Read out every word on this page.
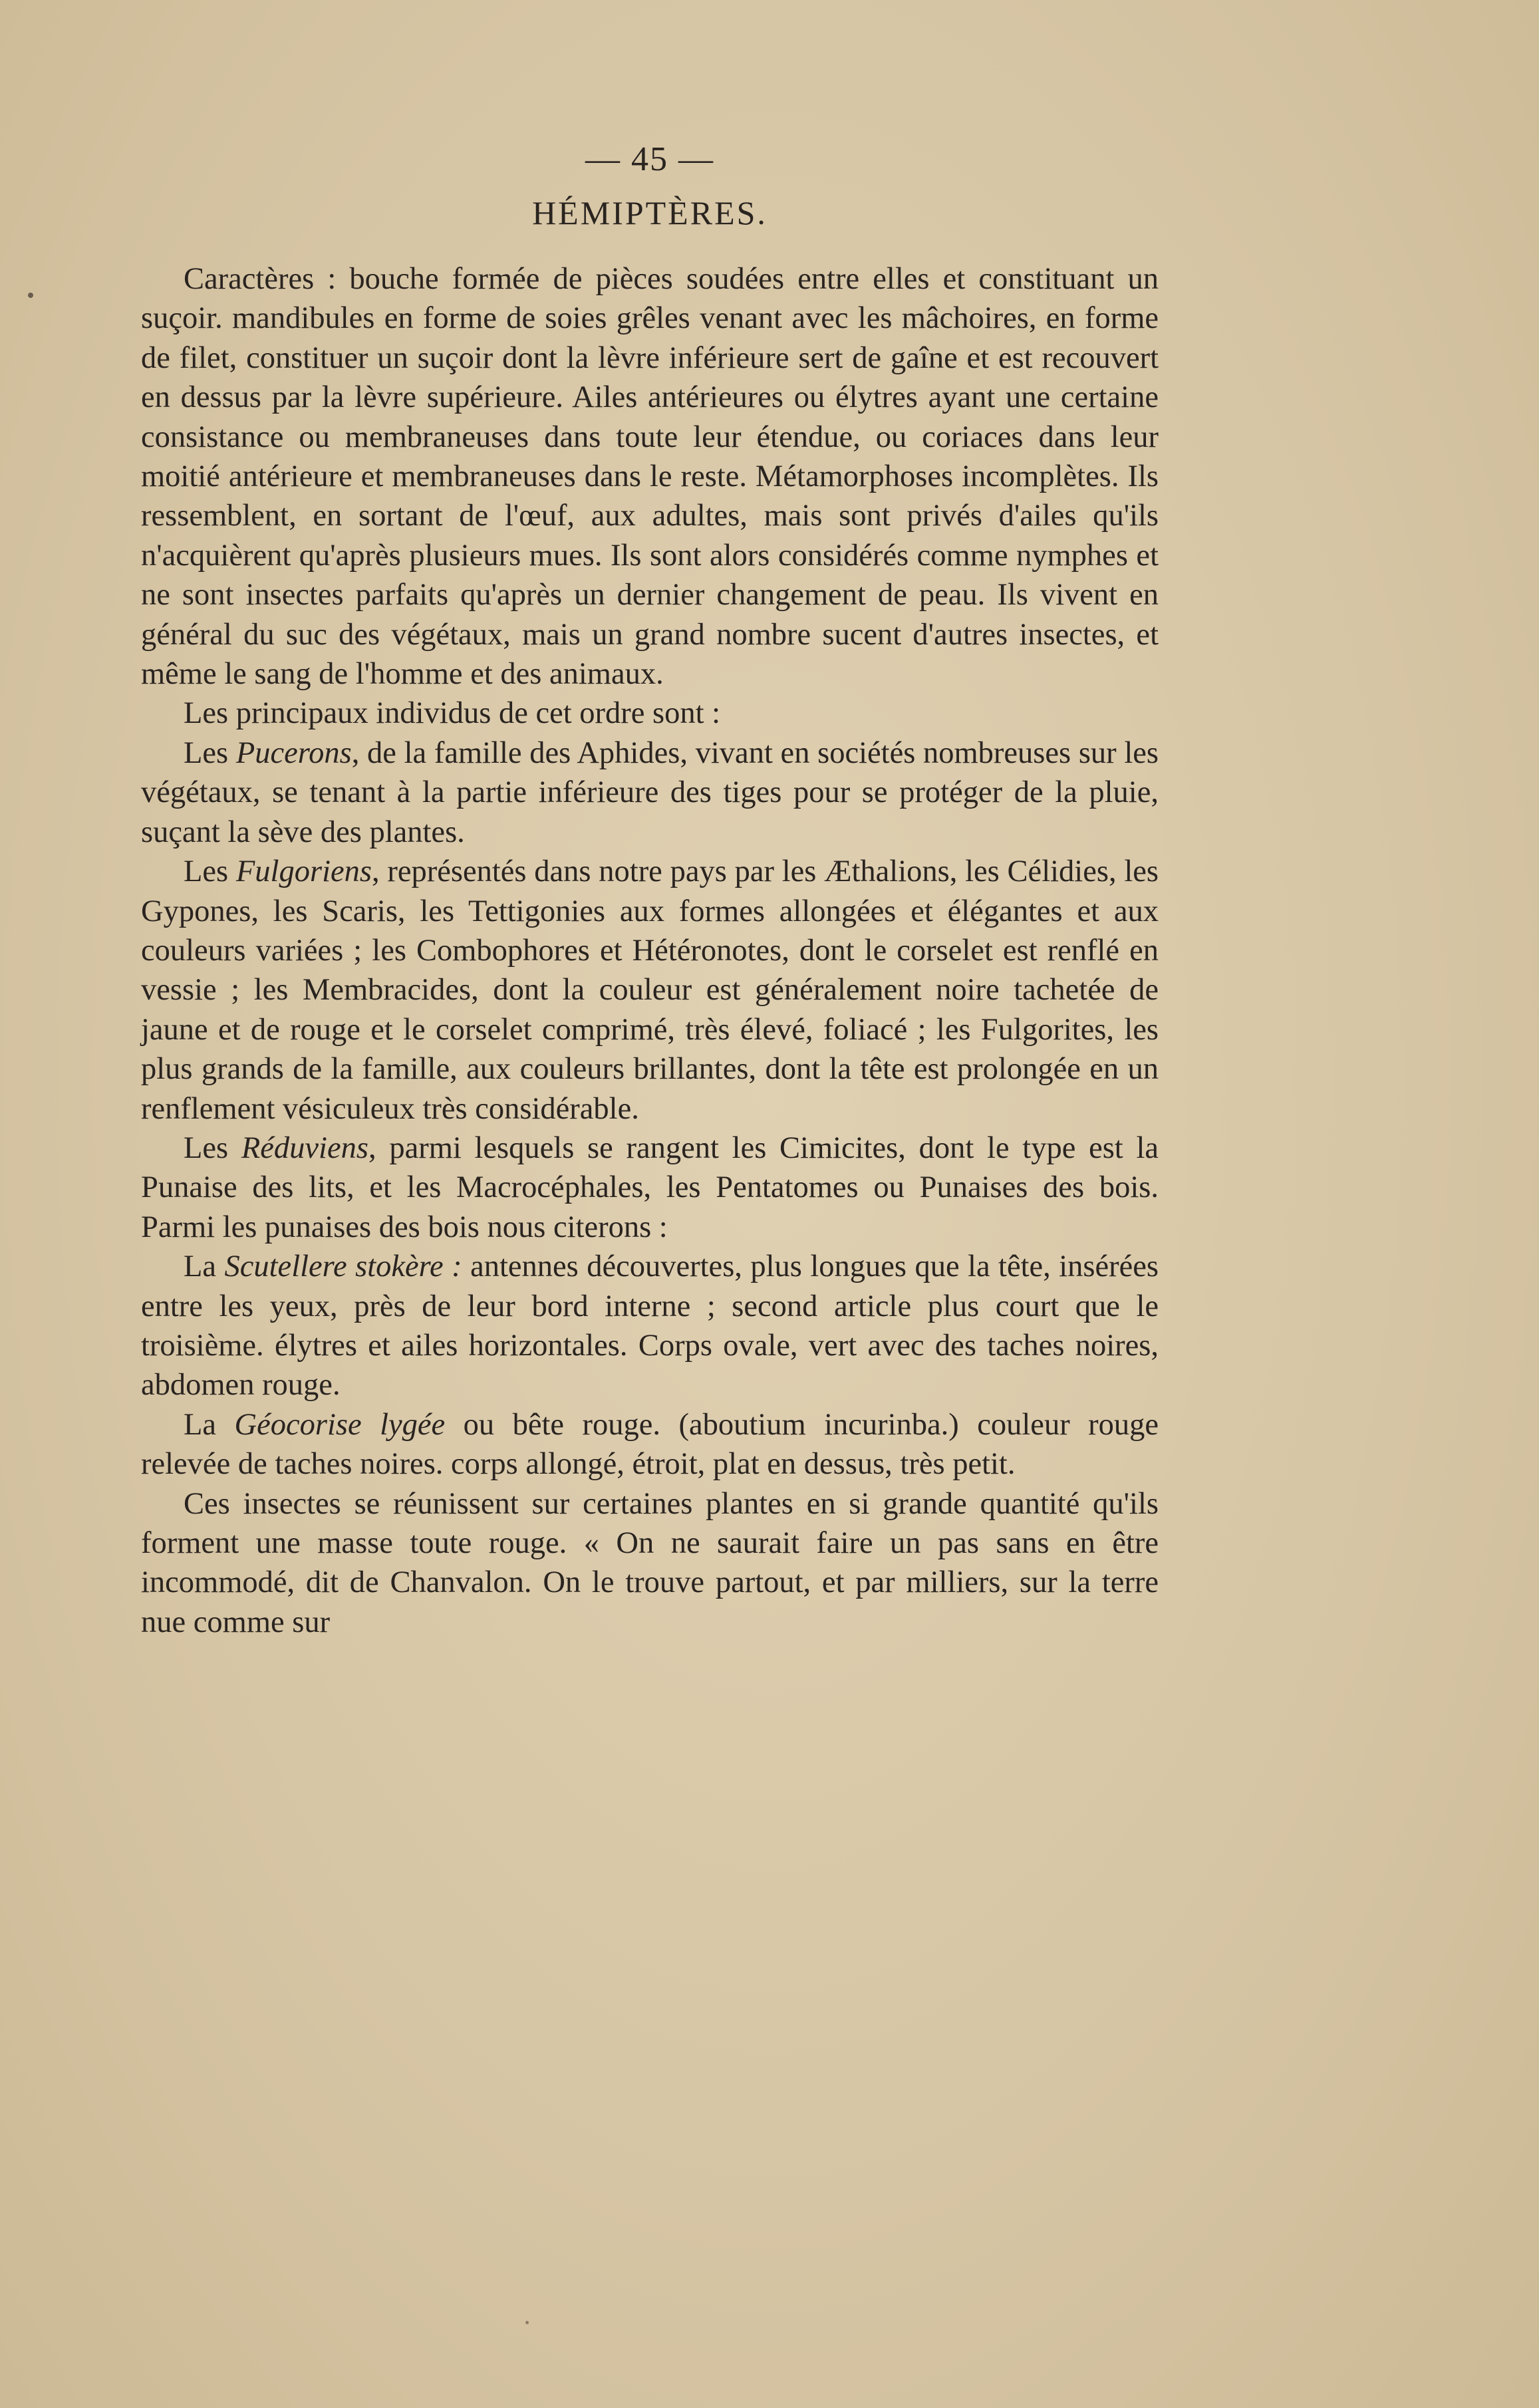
— 45 —
HÉMIPTÈRES.

Caractères : bouche formée de pièces soudées entre elles et constituant un suçoir. mandibules en forme de soies grêles venant avec les mâchoires, en forme de filet, constituer un suçoir dont la lèvre inférieure sert de gaîne et est recouvert en dessus par la lèvre supérieure. Ailes antérieures ou élytres ayant une certaine consistance ou membraneuses dans toute leur étendue, ou coriaces dans leur moitié antérieure et membraneuses dans le reste. Métamorphoses incomplètes. Ils ressemblent, en sortant de l'œuf, aux adultes, mais sont privés d'ailes qu'ils n'acquièrent qu'après plusieurs mues. Ils sont alors considérés comme nymphes et ne sont insectes parfaits qu'après un dernier changement de peau. Ils vivent en général du suc des végétaux, mais un grand nombre sucent d'autres insectes, et même le sang de l'homme et des animaux.

Les principaux individus de cet ordre sont :

Les Pucerons, de la famille des Aphides, vivant en sociétés nombreuses sur les végétaux, se tenant à la partie inférieure des tiges pour se protéger de la pluie, suçant la sève des plantes.

Les Fulgoriens, représentés dans notre pays par les Æthalions, les Célidies, les Gypones, les Scaris, les Tettigonies aux formes allongées et élégantes et aux couleurs variées ; les Combophores et Hétéronotes, dont le corselet est renflé en vessie ; les Membracides, dont la couleur est généralement noire tachetée de jaune et de rouge et le corselet comprimé, très élevé, foliacé ; les Fulgorites, les plus grands de la famille, aux couleurs brillantes, dont la tête est prolongée en un renflement vésiculeux très considérable.

Les Réduviens, parmi lesquels se rangent les Cimicites, dont le type est la Punaise des lits, et les Macrocéphales, les Pentatomes ou Punaises des bois. Parmi les punaises des bois nous citerons :

La Scutellere stokère : antennes découvertes, plus longues que la tête, insérées entre les yeux, près de leur bord interne ; second article plus court que le troisième. élytres et ailes horizontales. Corps ovale, vert avec des taches noires, abdomen rouge.

La Géocorise lygée ou bête rouge. (aboutium incurinba.) couleur rouge relevée de taches noires. corps allongé, étroit, plat en dessus, très petit.

Ces insectes se réunissent sur certaines plantes en si grande quantité qu'ils forment une masse toute rouge. « On ne saurait faire un pas sans en être incommodé, dit de Chanvalon. On le trouve partout, et par milliers, sur la terre nue comme sur
